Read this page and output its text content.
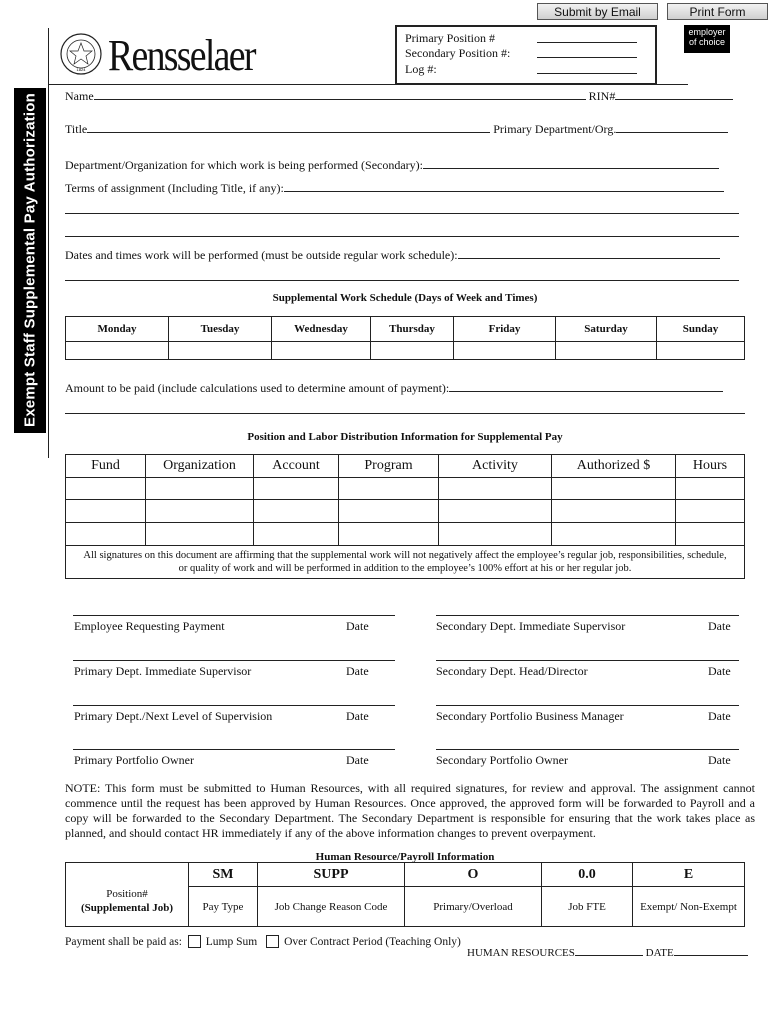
Submit by Email	Print Form
1824 Rensselaer	Primary Position #
Secondary Position #:
Log #:
employer of choice
Exempt Staff Supplemental Pay Authorization Name	RIN#
Title	Primary Department/Org.
Department/Organization for which work is being performed (Secondary):
Terms of assignment (Including Title, if any):
Dates and times work will be performed (must be outside regular work schedule):
Supplemental Work Schedule (Days of Week and Times)
Monday	Tuesday	Wednesday	Thursday	Friday	Saturday	Sunday

Amount to be paid (include calculations used to determine amount of payment):
Position and Labor Distribution Information for Supplemental Pay
Fund	Organization	Account	Program	Activity	Authorized $	Hours

All signatures on this document are affirming that the supplemental work will not negatively affect the employee’s regular job, responsibilities, schedule, or quality of work and will be performed in addition to the employee’s 100% effort at his or her regular job.						
Employee Requesting Payment	Date	Secondary Dept. Immediate Supervisor	Date
Primary Dept. Immediate Supervisor	Date	Secondary Dept. Head/Director	Date
Primary Dept./Next Level of Supervision	Date	Secondary Portfolio Business Manager	Date
Primary Portfolio Owner	Date	Secondary Portfolio Owner	Date
NOTE: This form must be submitted to Human Resources, with all required signatures, for review and approval. The assignment cannot commence until the request has been approved by Human Resources. Once approved, the approved form will be forwarded to Payroll and a copy will be forwarded to the Secondary Department. The Secondary Department is responsible for ensuring that the work takes place as planned, and should contact HR immediately if any of the above information changes to prevent overpayment.
Human Resource/Payroll Information
Position#
(Supplemental Job)	SM	SUPP	O	0.0	E
	Pay Type	Job Change Reason Code	Primary/Overload	Job FTE	Exempt/ Non-Exempt
Payment shall be paid as: Lump Sum Over Contract Period (Teaching Only)
HUMAN RESOURCES	DATE
